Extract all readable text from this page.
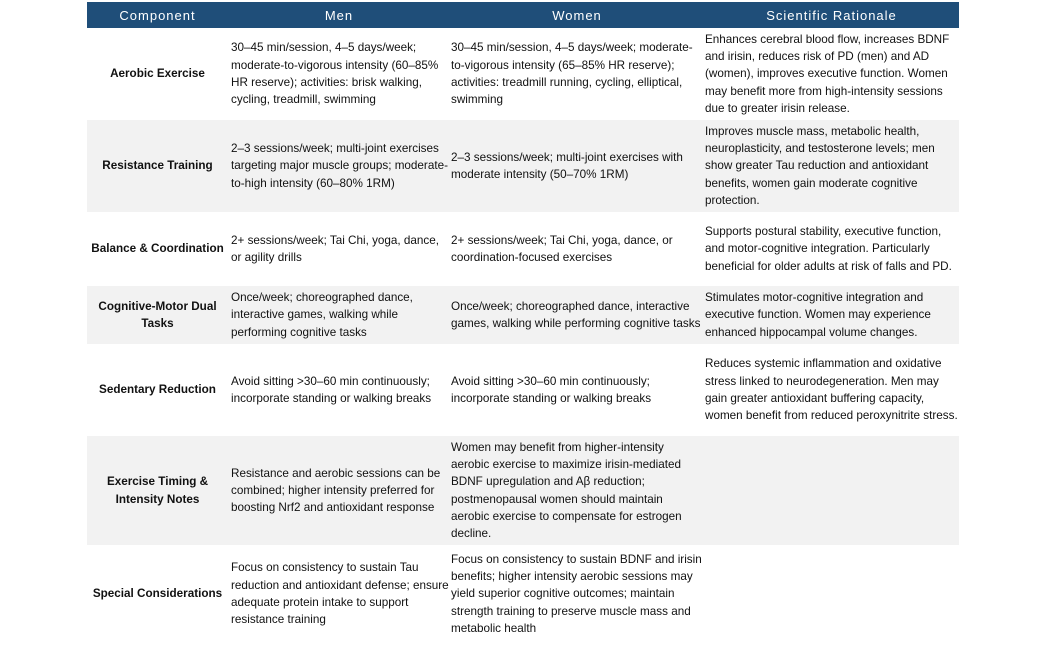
Component	Men	Women	Scientific Rationale
Aerobic Exercise	30–45 min/session, 4–5 days/week; moderate-to-vigorous intensity (60–85% HR reserve); activities: brisk walking, cycling, treadmill, swimming	30–45 min/session, 4–5 days/week; moderate-to-vigorous intensity (65–85% HR reserve); activities: treadmill running, cycling, elliptical, swimming	Enhances cerebral blood flow, increases BDNF and irisin, reduces risk of PD (men) and AD (women), improves executive function. Women may benefit more from high-intensity sessions due to greater irisin release.
Resistance Training	2–3 sessions/week; multi-joint exercises targeting major muscle groups; moderate-to-high intensity (60–80% 1RM)	2–3 sessions/week; multi-joint exercises with moderate intensity (50–70% 1RM)	Improves muscle mass, metabolic health, neuroplasticity, and testosterone levels; men show greater Tau reduction and antioxidant benefits, women gain moderate cognitive protection.
Balance & Coordination	2+ sessions/week; Tai Chi, yoga, dance, or agility drills	2+ sessions/week; Tai Chi, yoga, dance, or coordination-focused exercises	Supports postural stability, executive function, and motor-cognitive integration. Particularly beneficial for older adults at risk of falls and PD.
Cognitive-Motor Dual Tasks	Once/week; choreographed dance, interactive games, walking while performing cognitive tasks	Once/week; choreographed dance, interactive games, walking while performing cognitive tasks	Stimulates motor-cognitive integration and executive function. Women may experience enhanced hippocampal volume changes.
Sedentary Reduction	Avoid sitting >30–60 min continuously; incorporate standing or walking breaks	Avoid sitting >30–60 min continuously; incorporate standing or walking breaks	Reduces systemic inflammation and oxidative stress linked to neurodegeneration. Men may gain greater antioxidant buffering capacity, women benefit from reduced peroxynitrite stress.
Exercise Timing & Intensity Notes	Resistance and aerobic sessions can be combined; higher intensity preferred for boosting Nrf2 and antioxidant response	Women may benefit from higher-intensity aerobic exercise to maximize irisin-mediated BDNF upregulation and Aβ reduction; postmenopausal women should maintain aerobic exercise to compensate for estrogen decline.	
Special Considerations	Focus on consistency to sustain Tau reduction and antioxidant defense; ensure adequate protein intake to support resistance training	Focus on consistency to sustain BDNF and irisin benefits; higher intensity aerobic sessions may yield superior cognitive outcomes; maintain strength training to preserve muscle mass and metabolic health	
